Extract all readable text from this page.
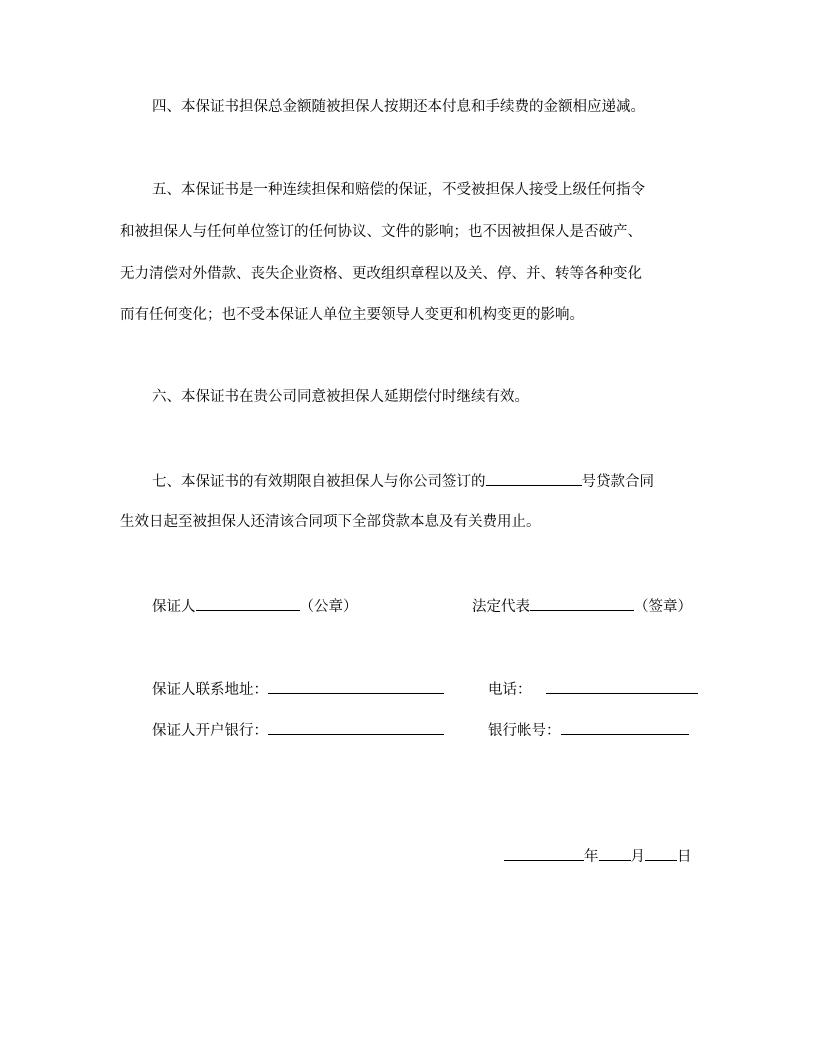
四、本保证书担保总金额随被担保人按期还本付息和手续费的金额相应递减。
五、本保证书是一种连续担保和赔偿的保证，不受被担保人接受上级任何指令
和被担保人与任何单位签订的任何协议、文件的影响；也不因被担保人是否破产、
无力清偿对外借款、丧失企业资格、更改组织章程以及关、停、并、转等各种变化
而有任何变化；也不受本保证人单位主要领导人变更和机构变更的影响。
六、本保证书在贵公司同意被担保人延期偿付时继续有效。
七、本保证书的有效期限自被担保人与你公司签订的	号贷款合同
生效日起至被担保人还清该合同项下全部贷款本息及有关费用止。
保证人	（公章）	法定代表	（签章）
保证人联系地址：	电话：
保证人开户银行：	银行帐号：
年 月 日
